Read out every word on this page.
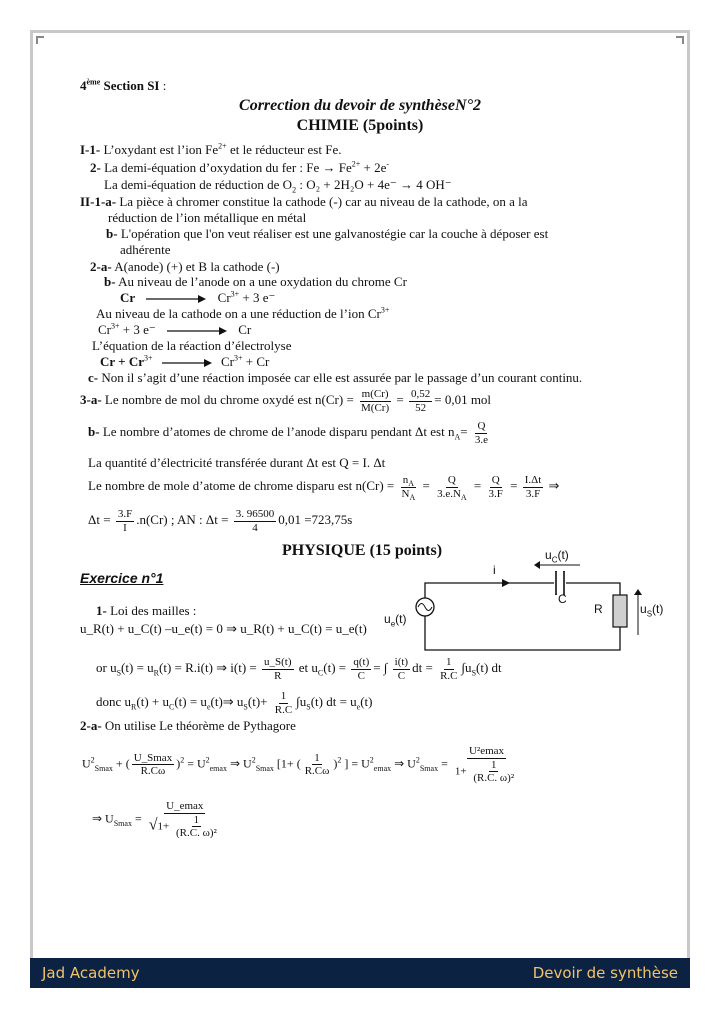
4ème Section SI :
Correction du devoir de synthèseN°2
CHIMIE (5points)
I-1- L’oxydant est l’ion $Fe^{2+}$ et le réducteur est Fe.
2- La demi-équation d’oxydation du fer : $Fe \to Fe^{2+} + 2e^-$
La demi-équation de réduction de $O_2$ : O₂ + 2H₂O + 4e⁻ → 4 OH⁻
II-1-a- La pièce à chromer constitue la cathode (-) car au niveau de la cathode, on a la
réduction de l’ion métallique en métal
b- L'opération que l'on veut réaliser est une galvanostégie car la couche à déposer est
adhérente
2-a- A(anode) (+) et B la cathode (-)
b- Au niveau de l’anode on a une oxydation du chrome Cr
Cr	$Cr^{3+} + 3$ e⁻
Au niveau de la cathode on a une réduction de l’ion $Cr^{3+}$
$Cr^{3+} + 3$ e⁻	Cr
L’équation de la réaction d’électrolyse
$Cr + Cr^{3+} \to Cr^{3+} + Cr$
c- Non il s’agit d’une réaction imposée car elle est assurée par le passage d’un courant continu.
3-a- Le nombre de mol du chrome oxydé est $n(Cr) = \frac{m(Cr)}{M(Cr)} = \frac{0,52}{52} = 0,01$ mol
b- Le nombre d’atomes de chrome de l’anode disparu pendant Δt est $n_A= \frac{Q}{3.e}$
La quantité d’électricité transférée durant Δt est Q = I. Δt
Le nombre de mole d’atome de chrome disparu est $n(Cr) = \frac{n_A}{N_A} = \frac{Q}{3.e.N_A} = \frac{Q}{3.F} = \frac{I.\Delta t}{3.F}$ ⇒
$\Delta t = \frac{3.F}{I} .n(Cr)$ ; AN : $\Delta t = \frac{3. 96500}{4} 0,01 =723,75s$
PHYSIQUE (15 points)
Exercice n°1
$u_C(t)$
i
C
R
$u_e(t)$
$u_S(t)$
1- Loi des mailles :
u_R(t) + u_C(t) –u_e(t) = 0 ⇒ u_R(t) + u_C(t) = u_e(t)
or $u_S(t) = u_R(t) = R.i(t)$ ⇒ $i(t) = \frac{u\_S(t)}{R}$ et $u_C(t) = \frac{q(t)}{C}$ = ∫ $\frac{i(t)}{C}$ dt = $\frac{1}{R.C} \int u_S(t)$ dt
donc $u_R(t) + u_C(t)$ = $u_e(t)\Rightarrow$ $u_S(t)+ \frac{1}{R.C} \int u_S(t)$ dt = $u_e(t)$
2-a- On utilise Le théorème de Pythagore
$U^2_{Smax}$ + ( $\frac{U\_Smax}{R.C\omega} )^2 = U^2_{emax}$ ⇒ $U^2_{Smax}$ [1+ ( $\frac{1}{R.C\omega} )^2$ ] = $U^2_{emax}$ ⇒ $U^2_{Smax} = \frac{\text{U²emax}}{1+ \frac{1}{\text{(R.C. ω)²}}}$
⇒ $U_{Smax} = \frac{U\_emax}{√1+ \frac{1}{\text{(R.C. ω)²}}}$
Jad Academy	Devoir de synthèse
